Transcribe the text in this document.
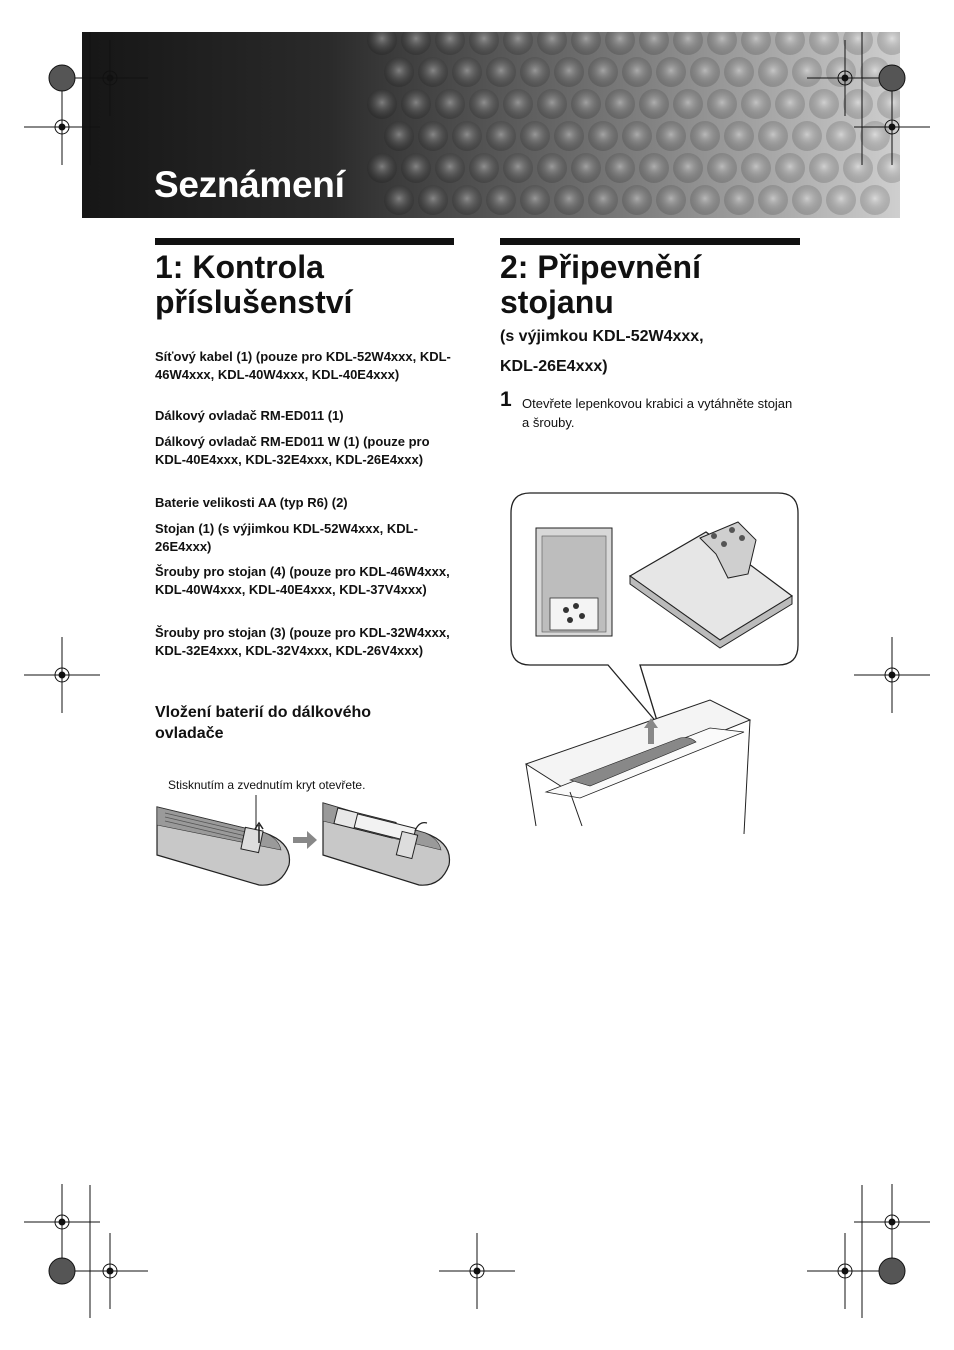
Seznámení
1: Kontrola
příslušenství
Síťový kabel (1) (pouze pro KDL-52W4xxx, KDL-46W4xxx, KDL-40W4xxx, KDL-40E4xxx)
Dálkový ovladač RM-ED011 (1)
Dálkový ovladač RM-ED011 W (1) (pouze pro KDL-40E4xxx, KDL-32E4xxx, KDL-26E4xxx)
Baterie velikosti AA (typ R6) (2)
Stojan (1) (s výjimkou KDL-52W4xxx, KDL-26E4xxx)
Šrouby pro stojan (4) (pouze pro KDL-46W4xxx, KDL-40W4xxx, KDL-40E4xxx, KDL-37V4xxx)
Šrouby pro stojan (3) (pouze pro KDL-32W4xxx, KDL-32E4xxx, KDL-32V4xxx, KDL-26V4xxx)
Vložení baterií do dálkového ovladače
Stisknutím a zvednutím kryt otevřete.
2: Připevnění
stojanu
(s výjimkou KDL-52W4xxx,
KDL-26E4xxx)
1 Otevřete lepenkovou krabici a vytáhněte stojan a šrouby.
